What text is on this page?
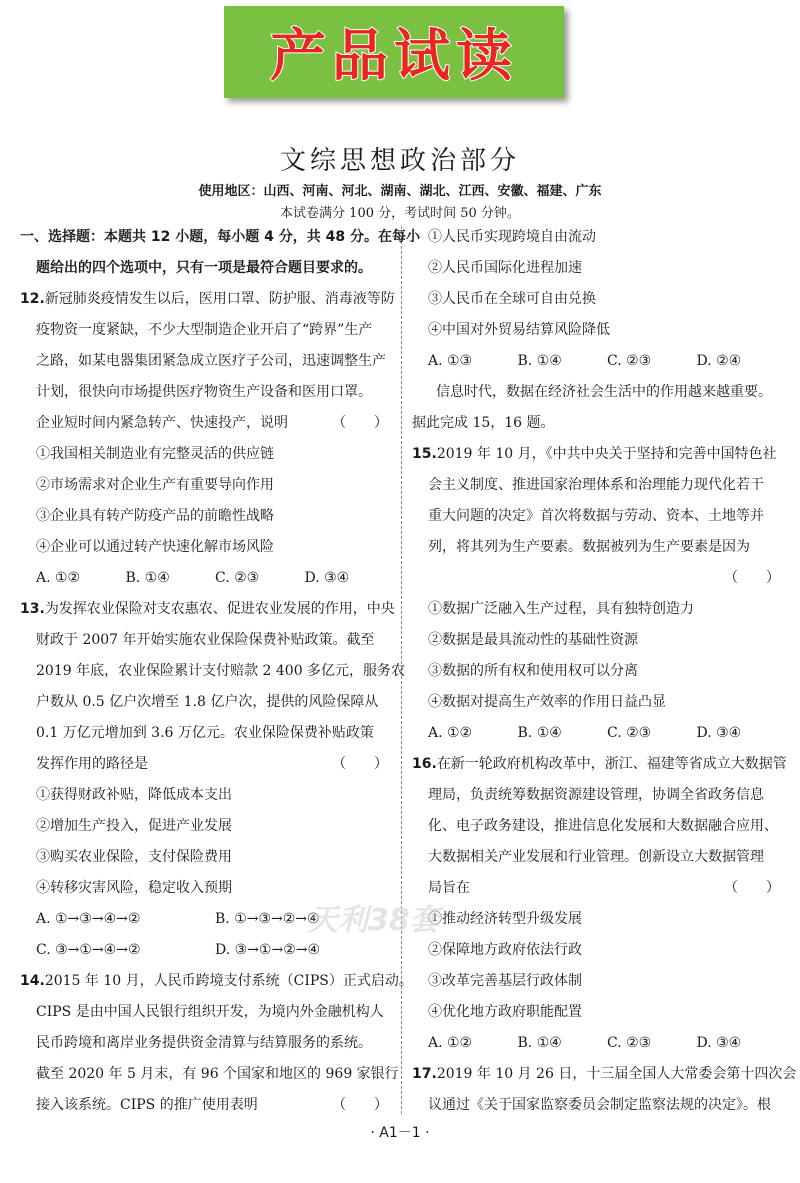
产品试读
文综思想政治部分
使用地区：山西、河南、河北、湖南、湖北、江西、安徽、福建、广东
本试卷满分 100 分，考试时间 50 分钟。
一、选择题：本题共 12 小题，每小题 4 分，共 48 分。在每小
题给出的四个选项中，只有一项是最符合题目要求的。
12.新冠肺炎疫情发生以后，医用口罩、防护服、消毒液等防
疫物资一度紧缺，不少大型制造企业开启了“跨界”生产
之路，如某电器集团紧急成立医疗子公司，迅速调整生产
计划，很快向市场提供医疗物资生产设备和医用口罩。
企业短时间内紧急转产、快速投产，说明	（　　）
①我国相关制造业有完整灵活的供应链
②市场需求对企业生产有重要导向作用
③企业具有转产防疫产品的前瞻性战略
④企业可以通过转产快速化解市场风险
A. ①②	B. ①④	C. ②③	D. ③④
13.为发挥农业保险对支农惠农、促进农业发展的作用，中央
财政于 2007 年开始实施农业保险保费补贴政策。截至
2019 年底，农业保险累计支付赔款 2 400 多亿元，服务农
户数从 0.5 亿户次增至 1.8 亿户次，提供的风险保障从
0.1 万亿元增加到 3.6 万亿元。农业保险保费补贴政策
发挥作用的路径是	（　　）
①获得财政补贴，降低成本支出
②增加生产投入，促进产业发展
③购买农业保险，支付保险费用
④转移灾害风险，稳定收入预期
A. ①→③→④→②	B. ①→③→②→④
C. ③→①→④→②	D. ③→①→②→④
14.2015 年 10 月，人民币跨境支付系统（CIPS）正式启动。
CIPS 是由中国人民银行组织开发，为境内外金融机构人
民币跨境和离岸业务提供资金清算与结算服务的系统。
截至 2020 年 5 月末，有 96 个国家和地区的 969 家银行
接入该系统。CIPS 的推广使用表明	（　　）
①人民币实现跨境自由流动
②人民币国际化进程加速
③人民币在全球可自由兑换
④中国对外贸易结算风险降低
A. ①③	B. ①④	C. ②③	D. ②④
信息时代，数据在经济社会生活中的作用越来越重要。
据此完成 15，16 题。
15.2019 年 10 月，《中共中央关于坚持和完善中国特色社
会主义制度、推进国家治理体系和治理能力现代化若干
重大问题的决定》首次将数据与劳动、资本、土地等并
列，将其列为生产要素。数据被列为生产要素是因为
（　　）
①数据广泛融入生产过程，具有独特创造力
②数据是最具流动性的基础性资源
③数据的所有权和使用权可以分离
④数据对提高生产效率的作用日益凸显
A. ①②	B. ①④	C. ②③	D. ③④
16.在新一轮政府机构改革中，浙江、福建等省成立大数据管
理局，负责统筹数据资源建设管理，协调全省政务信息
化、电子政务建设，推进信息化发展和大数据融合应用、
大数据相关产业发展和行业管理。创新设立大数据管理
局旨在	（　　）
①推动经济转型升级发展
②保障地方政府依法行政
③改革完善基层行政体制
④优化地方政府职能配置
A. ①②	B. ①④	C. ②③	D. ③④
17.2019 年 10 月 26 日，十三届全国人大常委会第十四次会
议通过《关于国家监察委员会制定监察法规的决定》。根
天利38套
· A1－1 ·
